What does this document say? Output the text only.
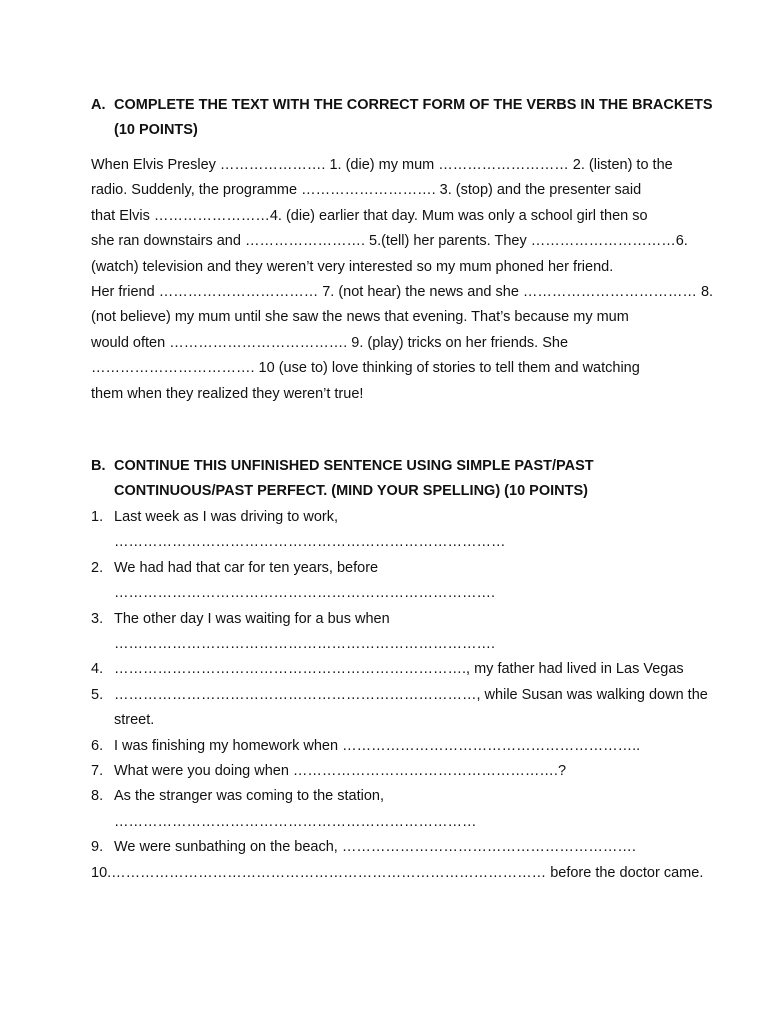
A. COMPLETE THE TEXT WITH THE CORRECT FORM OF THE VERBS IN THE BRACKETS (10 POINTS)
When Elvis Presley …………………. 1. (die) my mum ……………………… 2. (listen) to the
radio. Suddenly, the programme ………………………. 3. (stop) and the presenter said
that Elvis ……………………4. (die) earlier that day. Mum was only a school girl then so
she ran downstairs and ……………………. 5.(tell) her parents. They …………………………6.
(watch) television and they weren’t very interested so my mum phoned her friend.
Her friend …………………………… 7. (not hear) the news and she ……………………………… 8.
(not believe) my mum until she saw the news that evening. That’s because my mum
would often ………………………………. 9. (play) tricks on her friends. She
……………………………. 10 (use to) love thinking of stories to tell them and watching
them when they realized they weren’t true!
B. CONTINUE THIS UNFINISHED SENTENCE USING SIMPLE PAST/PAST CONTINUOUS/PAST PERFECT. (MIND YOUR SPELLING) (10 POINTS)
1. Last week as I was driving to work, ………………………………………………………………………
2. We had had that car for ten years, before
…………………………………………………………………….
3. The other day I was waiting for a bus when
…………………………………………………………………….
4. ………………………………………………………………., my father had lived in Las Vegas
5. …………………………………………………………………, while Susan was walking down the
street.
6. I was finishing my homework when ……………………………………………………..
7. What were you doing when ……………………………………………….?
8. As the stranger was coming to the station,
…………………………………………………………………
9. We were sunbathing on the beach, …………………………………………………….
10. ……………………………………………………………………………… before the doctor came.
